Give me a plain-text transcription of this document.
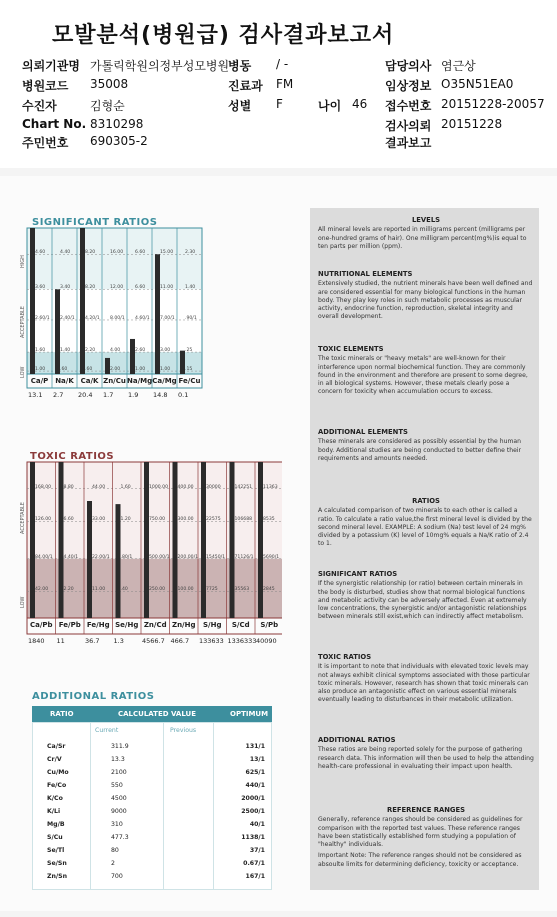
모발분석(병원급) 검사결과보고서
의뢰기관명 가톨릭학원의정부성모병원
병동 / -	담당의사 염근상
병원코드 35008	진료과 FM	임상정보 O35N51EA0
수진자	김형순	성별 F	나이 46 접수번호 20151228-20057
Chart No. 8310298	검사의뢰 20151228
주민번호 690305-2	결과보고
SIGNIFICANT RATIOS
4.60
3.60
2.60/1
1.60
1.00
Ca/P
13.1
4.40
3.40
2.40/1
1.40
.60
Na/K
2.7
8.20
8.20
4.20/1
2.20
.60
Ca/K
20.4
16.00
12.00
8.00/1
4.00
2.00
Zn/Cu
1.7
6.60
6.60
4.60/1
2.60
1.00
Na/Mg
1.9
15.00
11.00
7.00/1
3.00
1.00
Ca/Mg
14.8
2.30
1.40
.90/1
.25
.15
Fe/Cu
0.1
HIGH
ACCEPTABLE
LOW
TOXIC RATIOS
168.00
126.00
84.00/1
42.00
Ca/Pb
1840
8.80
6.60
4.40/1
2.20
Fe/Pb
11
44.00
33.00
22.00/1
11.00
Fe/Hg
36.7
1.60
1.20
.80/1
.40
Se/Hg
1.3
1000.00
750.00
500.00/1
250.00
Zn/Cd
4566.7
400.00
300.00
200.00/1
100.00
Zn/Hg
466.7
30000
22575
15450/1
7725
S/Hg
133633
142251
106688
71126/1
35563
S/Cd
1336333
11363
8535
5690/1
2845
S/Pb
40090
ACCEPTABLE
LOW
ADDITIONAL RATIOS
RATIO	CALCULATED VALUE	OPTIMUM
Current	Previous
Ca/Sr	311.9	131/1
Cr/V	13.3	13/1
Cu/Mo	2100	625/1
Fe/Co	550	440/1
K/Co	4500	2000/1
K/Li	9000	2500/1
Mg/B	310	40/1
S/Cu	477.3	1138/1
Se/Tl	80	37/1
Se/Sn	2	0.67/1
Zn/Sn	700	167/1
LEVELS
All mineral levels are reported in milligrams percent (milligrams per one-hundred grams of hair). One milligram percent(mg%)is equal to ten parts per million (ppm).
NUTRITIONAL ELEMENTS
Extensively studied, the nutrient minerals have been well defined and are considered essential for many biological functions in the human body. They play key roles in such metabolic processes as muscular activity, endocrine function, reproduction, skeletal integrity and overall development.
TOXIC ELEMENTS
The toxic minerals or "heavy metals" are well-known for their interference upon normal biochemical function. They are commonly found in the environment and therefore are present to some degree, in all biological systems. However, these metals clearly pose a concern for toxicity when accumulation occurs to excess.
ADDITIONAL ELEMENTS
These minerals are considered as possibly essential by the human body. Additional studies are being conducted to better define their requirements and amounts needed.
RATIOS
A calculated comparison of two minerals to each other is called a ratio. To calculate a ratio value,the first mineral level is divided by the second mineral level. EXAMPLE: A sodium (Na) test level of 24 mg% divided by a potassium (K) level of 10mg% equals a Na/K ratio of 2.4 to 1.
SIGNIFICANT RATIOS
If the synergistic relationship (or ratio) between certain minerals in the body is disturbed, studies show that normal biological functions and metabolic activity can be adversely affected. Even at extremely low concentrations, the synergistic and/or antagonistic relationships between minerals still exist,which can indirectly affect metabolism.
TOXIC RATIOS
It is important to note that individuals with elevated toxic levels may not always exhibit clinical symptoms associated with those particular toxic minerals. However, research has shown that toxic minerals can also produce an antagonistic effect on various essential minerals eventually leading to disturbances in their metabolic utilization.
ADDITIONAL RATIOS
These ratios are being reported solely for the purpose of gathering research data. This information will then be used to help the attending health-care professional in evaluating their impact upon health.
REFERENCE RANGES
Generally, reference ranges should be considered as guidelines for comparison with the reported test values. These reference ranges have been statistically established form studying a population of "healthy" individuals.
Important Note: The reference ranges should not be considered as absoulte limits for determining deficiency, toxicity or acceptance.
